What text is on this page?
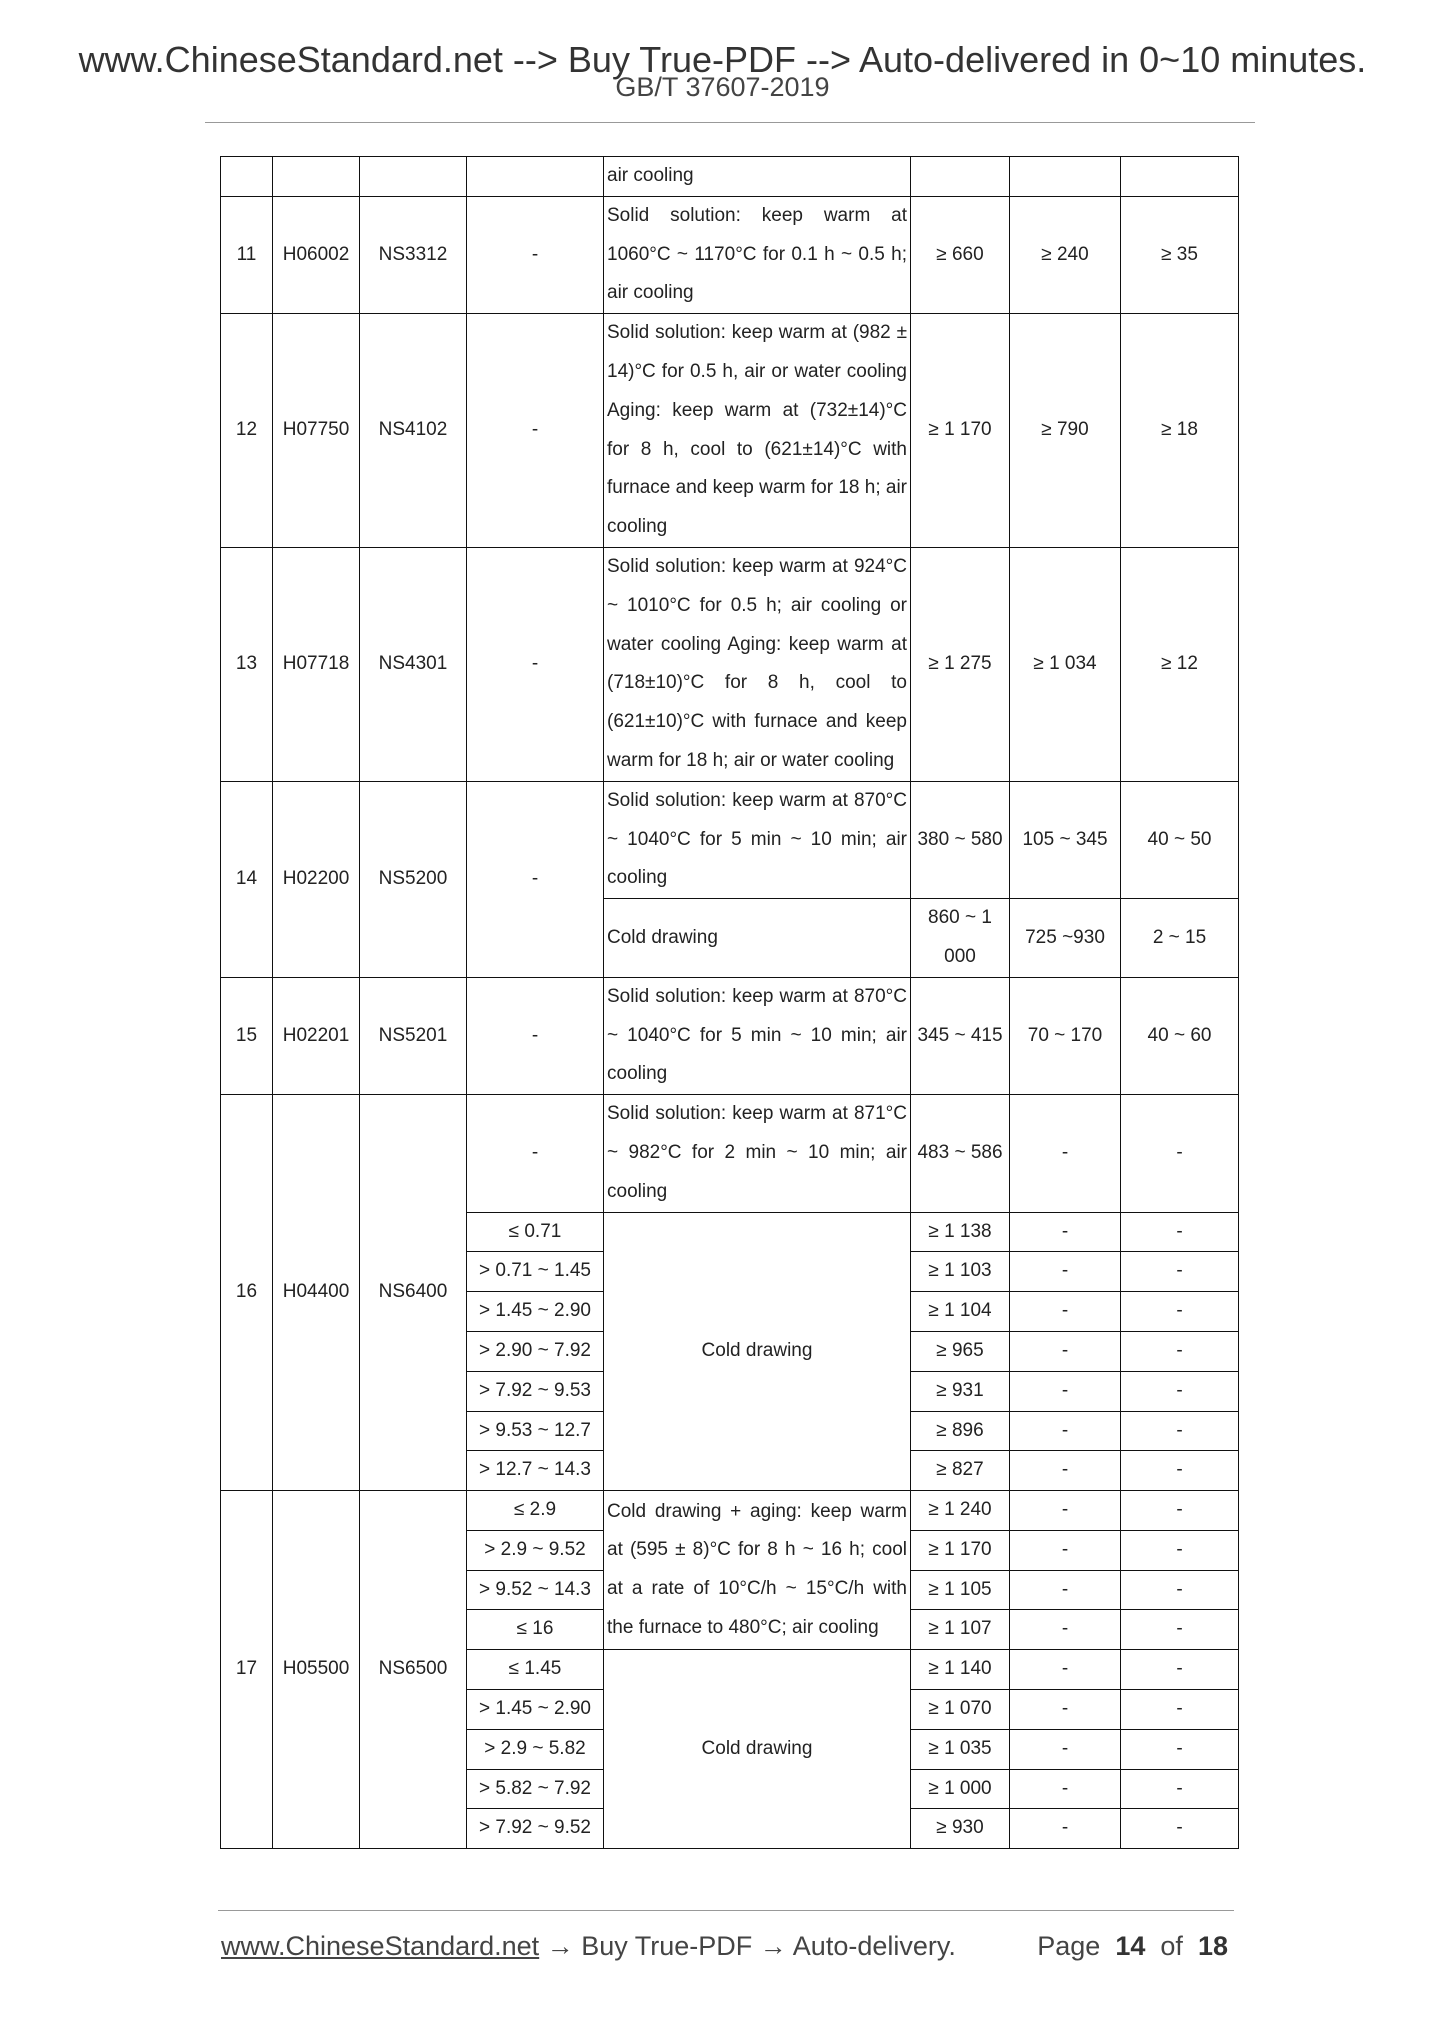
www.ChineseStandard.net --> Buy True-PDF --> Auto-delivered in 0~10 minutes.
GB/T 37607-2019
				air cooling			
11	H06002	NS3312	-	Solid solution: keep warm at 1060°C ~ 1170°C for 0.1 h ~ 0.5 h; air cooling	≥ 660	≥ 240	≥ 35
12	H07750	NS4102	-	Solid solution: keep warm at (982 ± 14)°C for 0.5 h, air or water cooling Aging: keep warm at (732±14)°C for 8 h, cool to (621±14)°C with furnace and keep warm for 18 h; air cooling	≥ 1 170	≥ 790	≥ 18
13	H07718	NS4301	-	Solid solution: keep warm at 924°C ~ 1010°C for 0.5 h; air cooling or water cooling Aging: keep warm at (718±10)°C for 8 h, cool to (621±10)°C with furnace and keep warm for 18 h; air or water cooling	≥ 1 275	≥ 1 034	≥ 12
14	H02200	NS5200	-	Solid solution: keep warm at 870°C ~ 1040°C for 5 min ~ 10 min; air cooling	380 ~ 580	105 ~ 345	40 ~ 50
				Cold drawing	860 ~ 1 000	725 ~930	2 ~ 15
15	H02201	NS5201	-	Solid solution: keep warm at 870°C ~ 1040°C for 5 min ~ 10 min; air cooling	345 ~ 415	70 ~ 170	40 ~ 60
16	H04400	NS6400	-	Solid solution: keep warm at 871°C ~ 982°C for 2 min ~ 10 min; air cooling	483 ~ 586	-	-
			≤ 0.71	Cold drawing	≥ 1 138	-	-
			> 0.71 ~ 1.45		≥ 1 103	-	-
			> 1.45 ~ 2.90		≥ 1 104	-	-
			> 2.90 ~ 7.92		≥ 965	-	-
			> 7.92 ~ 9.53		≥ 931	-	-
			> 9.53 ~ 12.7		≥ 896	-	-
			> 12.7 ~ 14.3		≥ 827	-	-
17	H05500	NS6500	≤ 2.9	Cold drawing + aging: keep warm at (595 ± 8)°C for 8 h ~ 16 h; cool at a rate of 10°C/h ~ 15°C/h with the furnace to 480°C; air cooling	≥ 1 240	-	-
			> 2.9 ~ 9.52		≥ 1 170	-	-
			> 9.52 ~ 14.3		≥ 1 105	-	-
			≤ 16		≥ 1 107	-	-
			≤ 1.45	Cold drawing	≥ 1 140	-	-
			> 1.45 ~ 2.90		≥ 1 070	-	-
			> 2.9 ~ 5.82		≥ 1 035	-	-
			> 5.82 ~ 7.92		≥ 1 000	-	-
			> 7.92 ~ 9.52		≥ 930	-	-
www.ChineseStandard.net → Buy True-PDF → Auto-delivery.	Page 14 of 18
